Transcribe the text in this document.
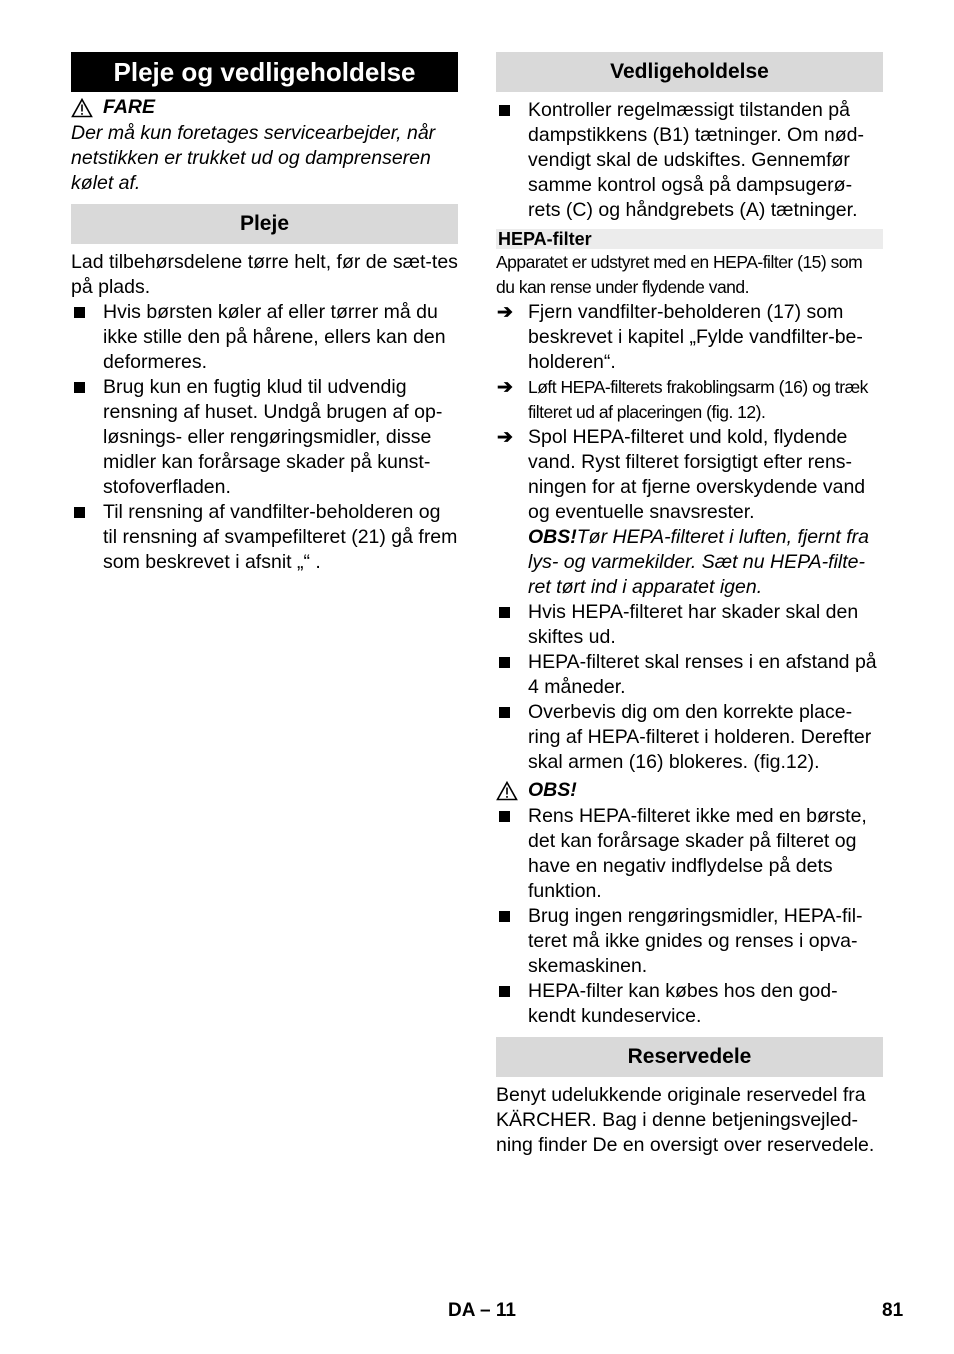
Pleje og vedligeholdelse
FARE

Der må kun foretages servicearbejder, når netstikken er trukket ud og damprenseren kølet af.

Pleje

Lad tilbehørsdelene tørre helt, før de sæt-tes på plads.

Hvis børsten køler af eller tørrer må du ikke stille den på hårene, ellers kan den deformeres.
Brug kun en fugtig klud til udvendig rensning af huset. Undgå brugen af op-løsnings- eller rengøringsmidler, disse midler kan forårsage skader på kunst-stofoverfladen.
Til rensning af vandfilter-beholderen og til rensning af svampefilteret (21) gå frem som beskrevet i afsnit „“ .
Vedligeholdelse
Kontroller regelmæssigt tilstanden på dampstikkens (B1) tætninger. Om nød-vendigt skal de udskiftes. Gennemfør samme kontrol også på dampsugerø-rets (C) og håndgrebets (A) tætninger.
HEPA-filter

Apparatet er udstyret med en HEPA-filter (15) som du kan rense under flydende vand.

➔ Fjern vandfilter-beholderen (17) som beskrevet i kapitel „Fylde vandfilter-be-holderen“.
➔ Løft HEPA-filterets frakoblingsarm (16) og træk filteret ud af placeringen (fig. 12).
➔ Spol HEPA-filteret und kold, flydende vand. Ryst filteret forsigtigt efter rens-ningen for at fjerne overskydende vand og eventuelle snavsrester.
OBS!Tør HEPA-filteret i luften, fjernt fra lys- og varmekilder. Sæt nu HEPA-filte-ret tørt ind i apparatet igen.
Hvis HEPA-filteret har skader skal den skiftes ud.
HEPA-filteret skal renses i en afstand på 4 måneder.
Overbevis dig om den korrekte place-ring af HEPA-filteret i holderen. Derefter skal armen (16) blokeres. (fig.12).
OBS!
Rens HEPA-filteret ikke med en børste, det kan forårsage skader på filteret og have en negativ indflydelse på dets funktion.
Brug ingen rengøringsmidler, HEPA-fil-teret må ikke gnides og renses i opva-skemaskinen.
HEPA-filter kan købes hos den god-kendt kundeservice.
Reservedele

Benyt udelukkende originale reservedel fra KÄRCHER. Bag i denne betjeningsvejled-ning finder De en oversigt over reservedele.

DA – 11	81
